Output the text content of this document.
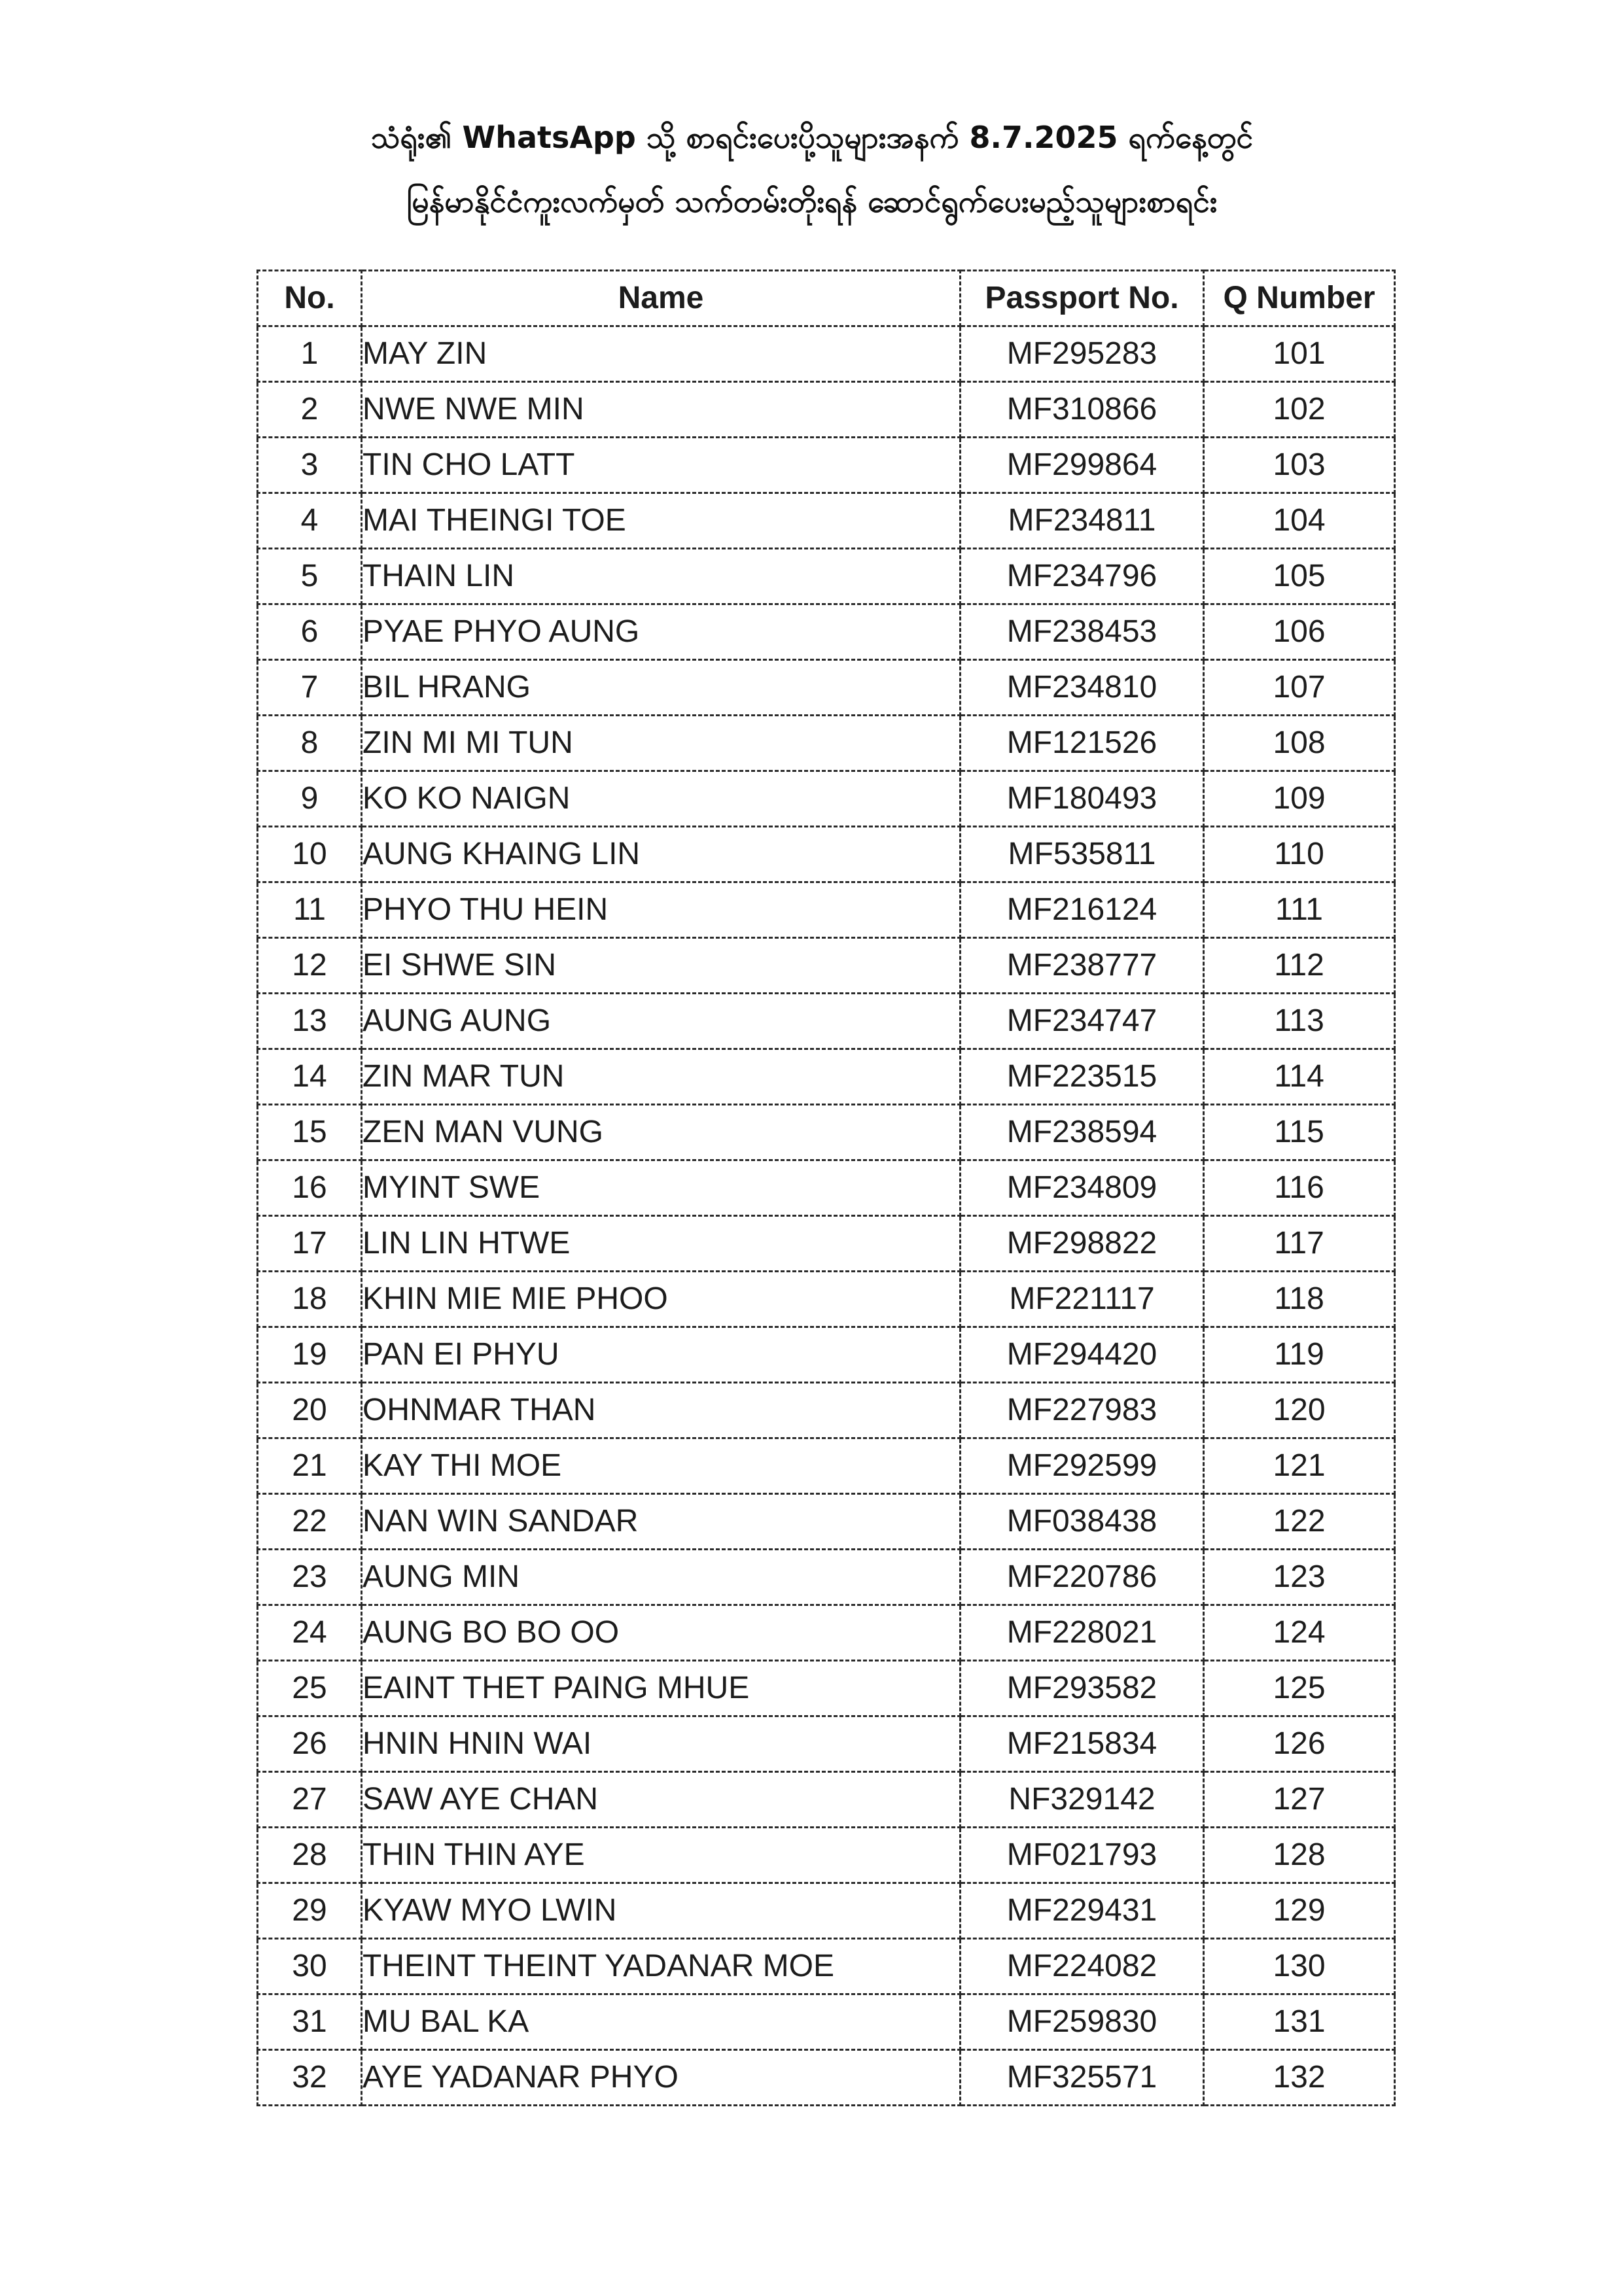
သံရုံး၏ WhatsApp သို့ စာရင်းပေးပို့သူများအနက် 8.7.2025 ရက်နေ့တွင်
မြန်မာနိုင်ငံကူးလက်မှတ် သက်တမ်းတိုးရန် ဆောင်ရွက်ပေးမည့်သူများစာရင်း
No.	Name	Passport No.	Q Number
1	MAY ZIN	MF295283	101
2	NWE NWE MIN	MF310866	102
3	TIN CHO LATT	MF299864	103
4	MAI THEINGI TOE	MF234811	104
5	THAIN LIN	MF234796	105
6	PYAE PHYO AUNG	MF238453	106
7	BIL HRANG	MF234810	107
8	ZIN MI MI TUN	MF121526	108
9	KO KO NAIGN	MF180493	109
10	AUNG KHAING LIN	MF535811	110
11	PHYO THU HEIN	MF216124	111
12	EI SHWE SIN	MF238777	112
13	AUNG AUNG	MF234747	113
14	ZIN MAR TUN	MF223515	114
15	ZEN MAN VUNG	MF238594	115
16	MYINT SWE	MF234809	116
17	LIN LIN HTWE	MF298822	117
18	KHIN MIE MIE PHOO	MF221117	118
19	PAN EI PHYU	MF294420	119
20	OHNMAR THAN	MF227983	120
21	KAY THI MOE	MF292599	121
22	NAN WIN SANDAR	MF038438	122
23	AUNG MIN	MF220786	123
24	AUNG BO BO OO	MF228021	124
25	EAINT THET PAING MHUE	MF293582	125
26	HNIN HNIN WAI	MF215834	126
27	SAW AYE CHAN	NF329142	127
28	THIN THIN AYE	MF021793	128
29	KYAW MYO LWIN	MF229431	129
30	THEINT THEINT YADANAR MOE	MF224082	130
31	MU BAL KA	MF259830	131
32	AYE YADANAR PHYO	MF325571	132
